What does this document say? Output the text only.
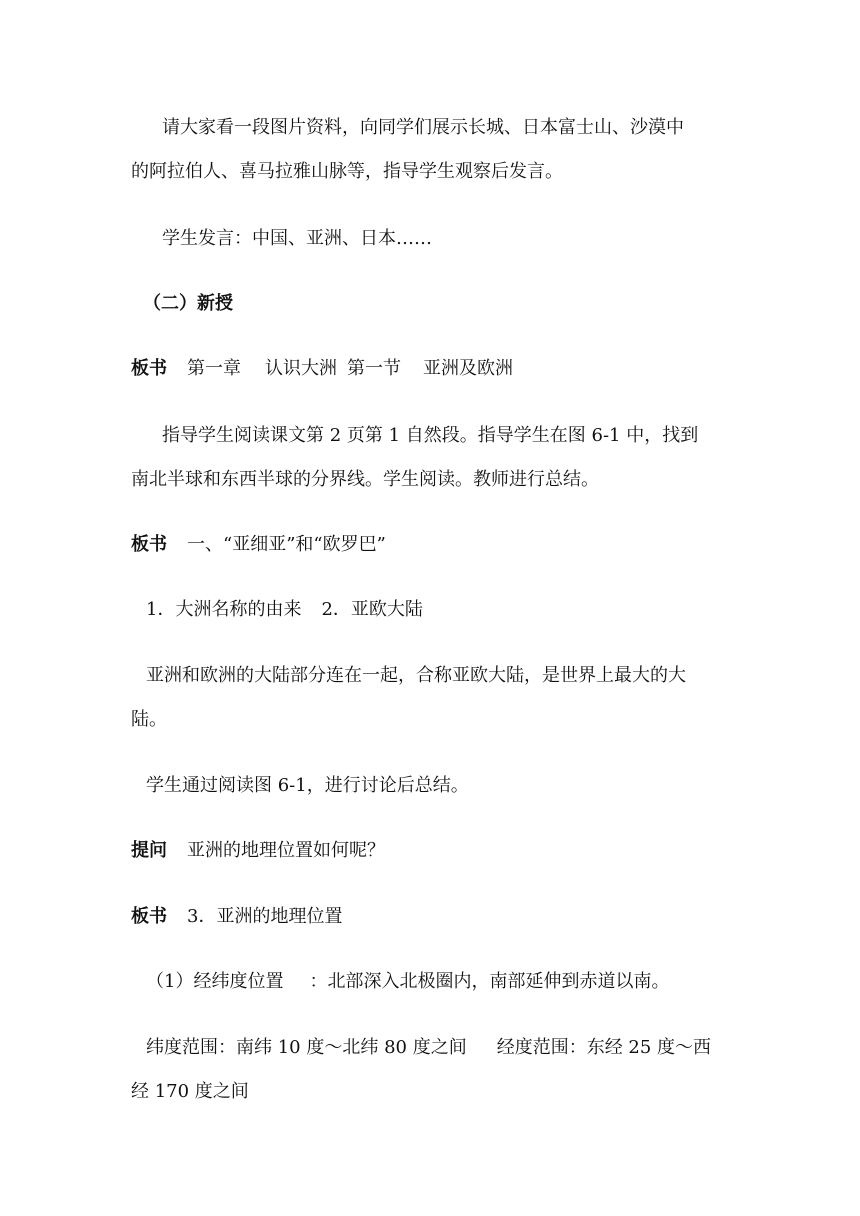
请大家看一段图片资料，向同学们展示长城、日本富士山、沙漠中
的阿拉伯人、喜马拉雅山脉等，指导学生观察后发言。
学生发言：中国、亚洲、日本……
（二）新授
板书 第一章 认识大洲 第一节 亚洲及欧洲
指导学生阅读课文第 2 页第 1 自然段。指导学生在图 6-1 中，找到
南北半球和东西半球的分界线。学生阅读。教师进行总结。
板书 一、“亚细亚”和“欧罗巴”
1．大洲名称的由来 2．亚欧大陆
亚洲和欧洲的大陆部分连在一起，合称亚欧大陆，是世界上最大的大
陆。
学生通过阅读图 6-1，进行讨论后总结。
提问 亚洲的地理位置如何呢？
板书 3．亚洲的地理位置
（1）经纬度位置 ：北部深入北极圈内，南部延伸到赤道以南。
纬度范围：南纬 10 度～北纬 80 度之间 经度范围：东经 25 度～西
经 170 度之间
